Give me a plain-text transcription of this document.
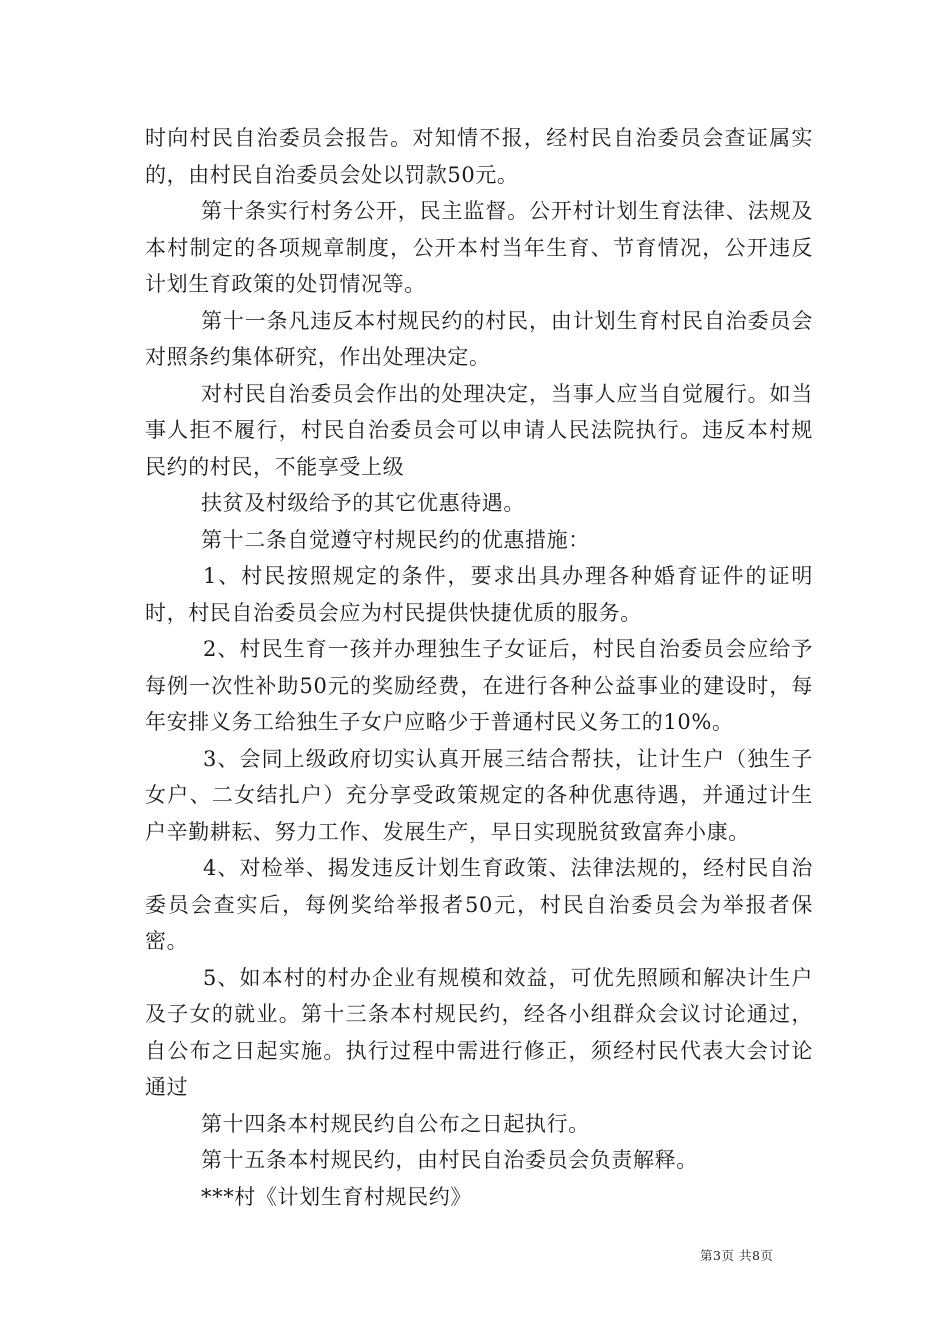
时向村民自治委员会报告。对知情不报，经村民自治委员会查证属实的，由村民自治委员会处以罚款50元。

第十条实行村务公开，民主监督。公开村计划生育法律、法规及本村制定的各项规章制度，公开本村当年生育、节育情况，公开违反计划生育政策的处罚情况等。

第十一条凡违反本村规民约的村民，由计划生育村民自治委员会对照条约集体研究，作出处理决定。

对村民自治委员会作出的处理决定，当事人应当自觉履行。如当事人拒不履行，村民自治委员会可以申请人民法院执行。违反本村规民约的村民，不能享受上级

扶贫及村级给予的其它优惠待遇。

第十二条自觉遵守村规民约的优惠措施：

1、村民按照规定的条件，要求出具办理各种婚育证件的证明时，村民自治委员会应为村民提供快捷优质的服务。

2、村民生育一孩并办理独生子女证后，村民自治委员会应给予每例一次性补助50元的奖励经费，在进行各种公益事业的建设时，每年安排义务工给独生子女户应略少于普通村民义务工的10%。

3、会同上级政府切实认真开展三结合帮扶，让计生户（独生子女户、二女结扎户）充分享受政策规定的各种优惠待遇，并通过计生户辛勤耕耘、努力工作、发展生产，早日实现脱贫致富奔小康。

4、对检举、揭发违反计划生育政策、法律法规的，经村民自治委员会查实后，每例奖给举报者50元，村民自治委员会为举报者保密。

5、如本村的村办企业有规模和效益，可优先照顾和解决计生户及子女的就业。第十三条本村规民约，经各小组群众会议讨论通过，自公布之日起实施。执行过程中需进行修正，须经村民代表大会讨论通过

第十四条本村规民约自公布之日起执行。

第十五条本村规民约，由村民自治委员会负责解释。

***村《计划生育村规民约》

第3页 共8页
